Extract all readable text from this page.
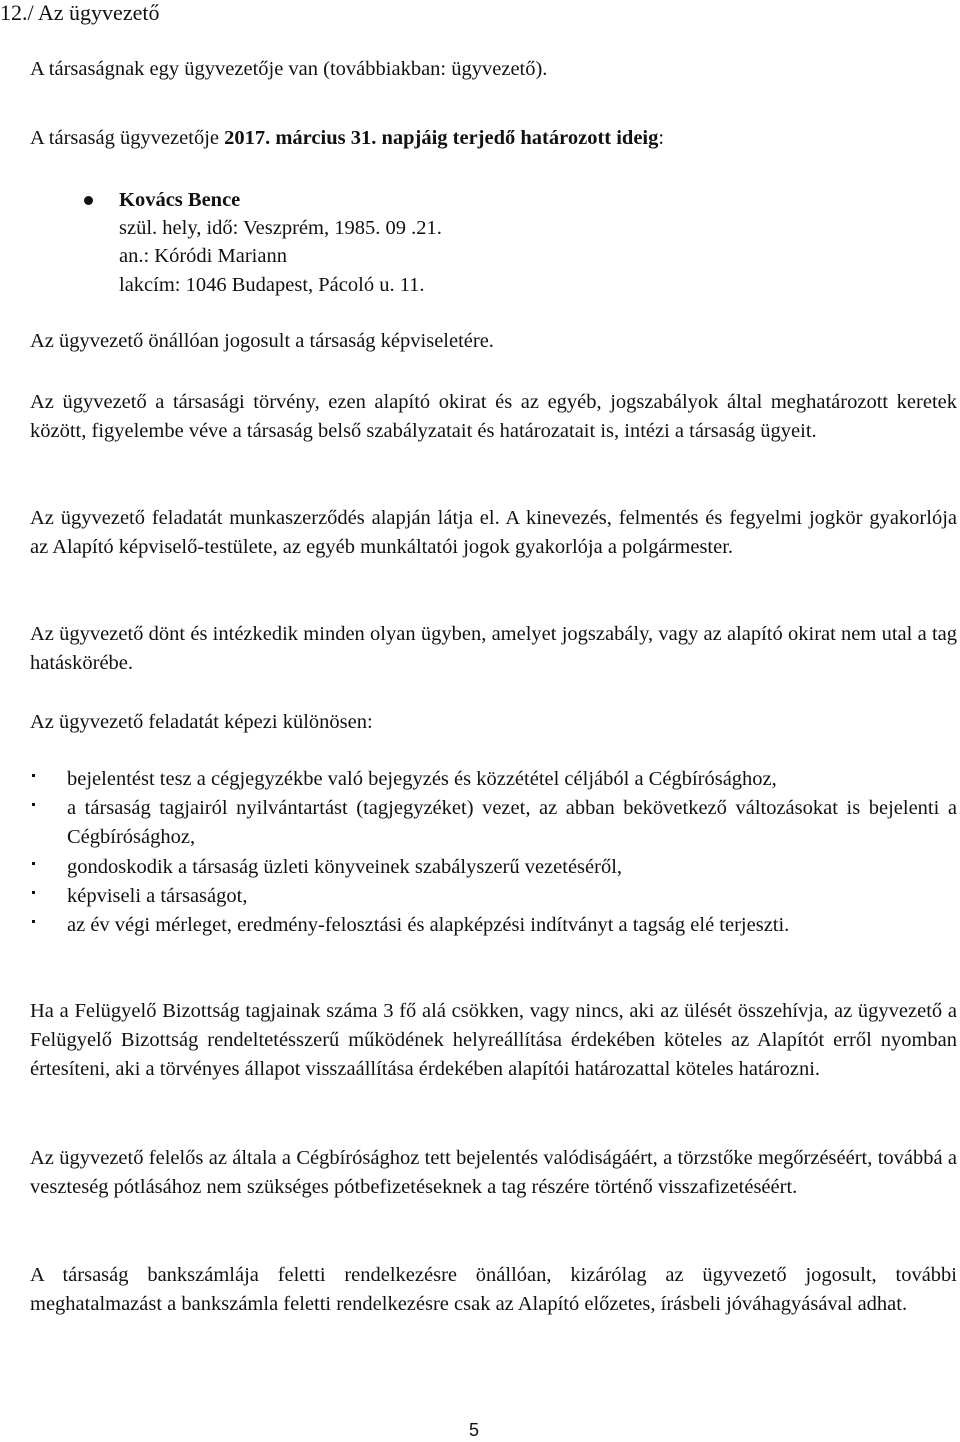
12./ Az ügyvezető
A társaságnak egy ügyvezetője van (továbbiakban: ügyvezető).
A társaság ügyvezetője 2017. március 31. napjáig terjedő határozott ideig:
Kovács Bence
szül. hely, idő: Veszprém, 1985. 09 .21.
an.: Kóródi Mariann
lakcím: 1046 Budapest, Pácoló u. 11.
Az ügyvezető önállóan jogosult a társaság képviseletére.
Az ügyvezető a társasági törvény, ezen alapító okirat és az egyéb, jogszabályok által meghatározott keretek között, figyelembe véve a társaság belső szabályzatait és határozatait is, intézi a társaság ügyeit.
Az ügyvezető feladatát munkaszerződés alapján látja el. A kinevezés, felmentés és fegyelmi jogkör gyakorlója az Alapító képviselő-testülete, az egyéb munkáltatói jogok gyakorlója a polgármester.
Az ügyvezető dönt és intézkedik minden olyan ügyben, amelyet jogszabály, vagy az alapító okirat nem utal a tag hatáskörébe.
Az ügyvezető feladatát képezi különösen:
bejelentést tesz a cégjegyzékbe való bejegyzés és közzététel céljából a Cégbírósághoz,
a társaság tagjairól nyilvántartást (tagjegyzéket) vezet, az abban bekövetkező változásokat is bejelenti a Cégbírósághoz,
gondoskodik a társaság üzleti könyveinek szabályszerű vezetéséről,
képviseli a társaságot,
az év végi mérleget, eredmény-felosztási és alapképzési indítványt a tagság elé terjeszti.
Ha a Felügyelő Bizottság tagjainak száma 3 fő alá csökken, vagy nincs, aki az ülését összehívja, az ügyvezető a Felügyelő Bizottság rendeltetésszerű működének helyreállítása érdekében köteles az Alapítót erről nyomban értesíteni, aki a törvényes állapot visszaállítása érdekében alapítói határozattal köteles határozni.
Az ügyvezető felelős az általa a Cégbírósághoz tett bejelentés valódiságáért, a törzstőke megőrzéséért, továbbá a veszteség pótlásához nem szükséges pótbefizetéseknek a tag részére történő visszafizetéséért.
A társaság bankszámlája feletti rendelkezésre önállóan, kizárólag az ügyvezető jogosult, további meghatalmazást a bankszámla feletti rendelkezésre csak az Alapító előzetes, írásbeli jóváhagyásával adhat.
5
